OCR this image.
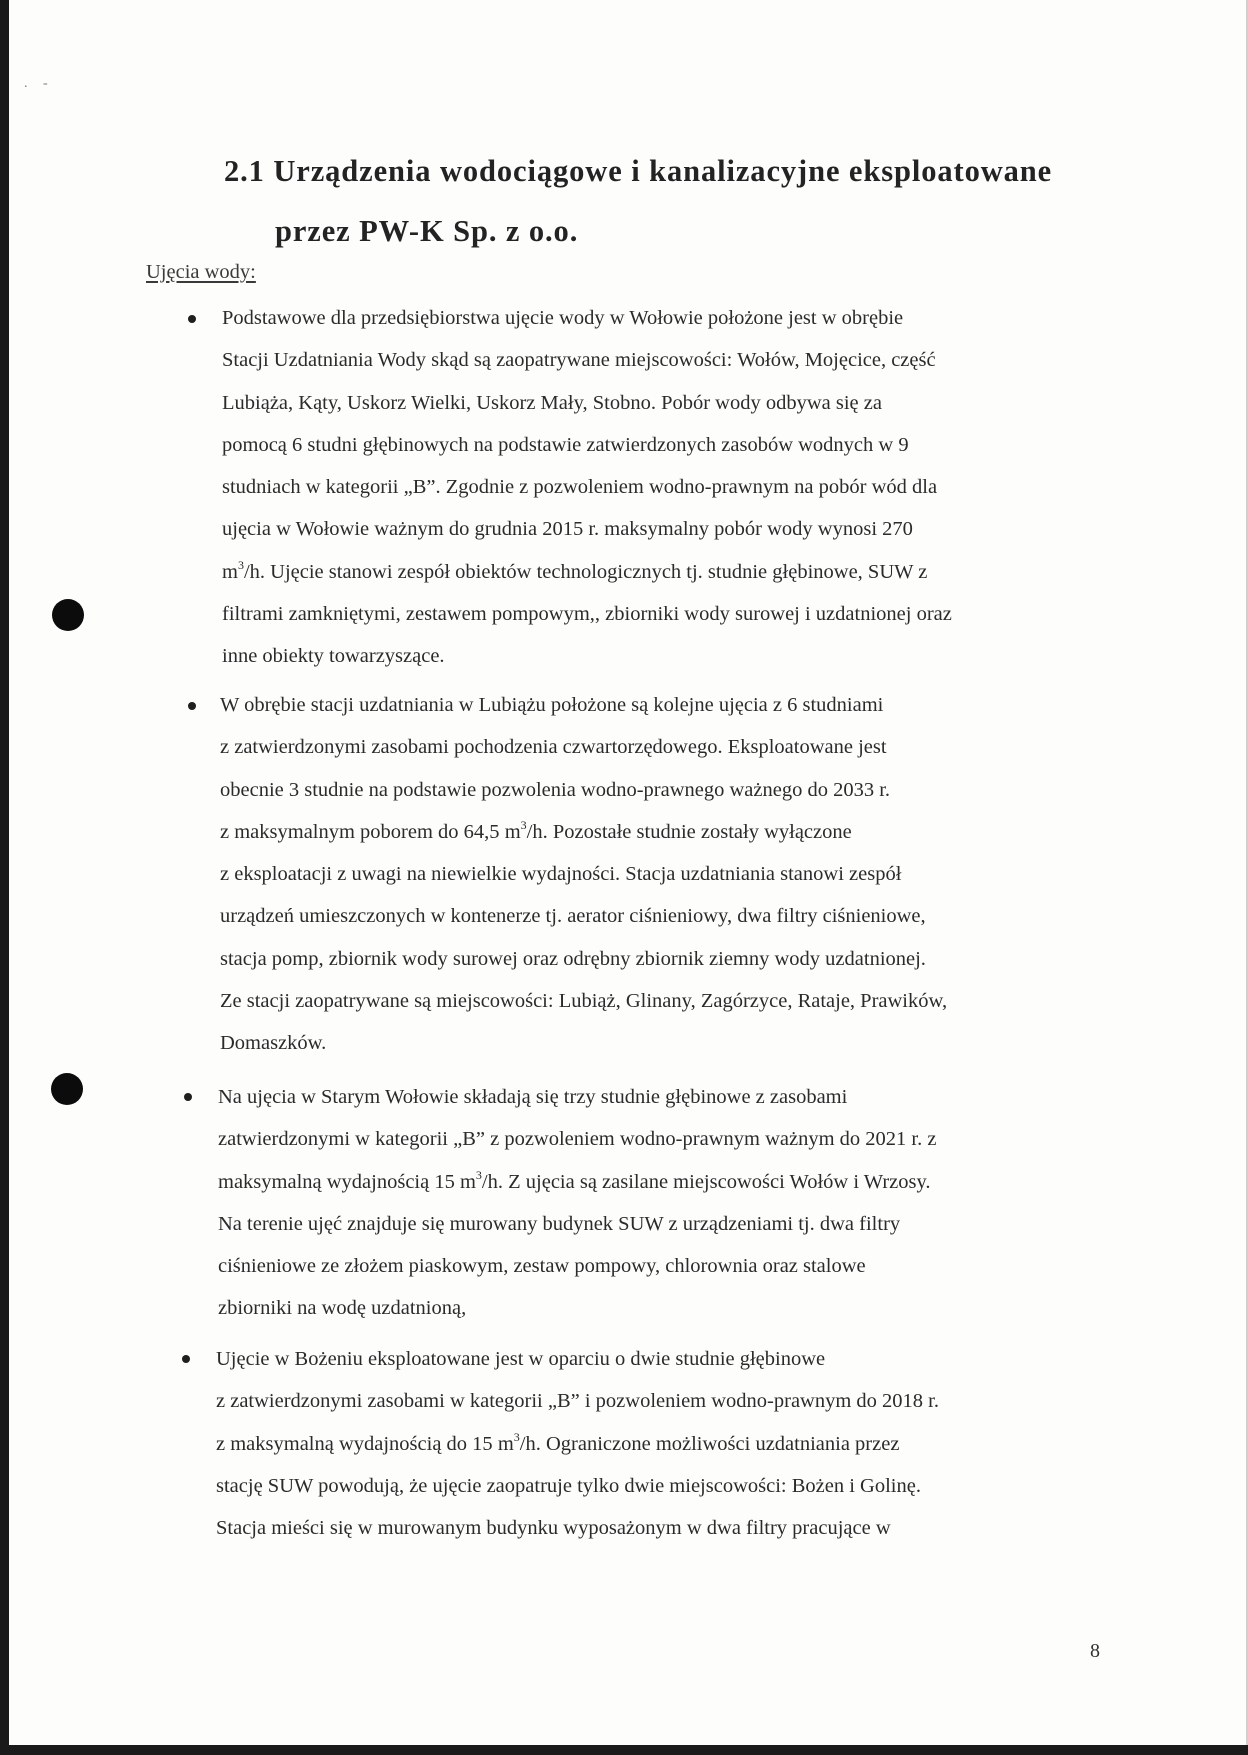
. -
2.1 Urządzenia wodociągowe i kanalizacyjne eksploatowane
przez PW-K Sp. z o.o.

Ujęcia wody:

Podstawowe dla przedsiębiorstwa ujęcie wody w Wołowie położone jest w obrębie
Stacji Uzdatniania Wody skąd są zaopatrywane miejscowości: Wołów, Mojęcice, część
Lubiąża, Kąty, Uskorz Wielki, Uskorz Mały, Stobno. Pobór wody odbywa się za
pomocą 6 studni głębinowych na podstawie zatwierdzonych zasobów wodnych w 9
studniach w kategorii „B”. Zgodnie z pozwoleniem wodno-prawnym na pobór wód dla
ujęcia w Wołowie ważnym do grudnia 2015 r. maksymalny pobór wody wynosi 270
$m^3/h$. Ujęcie stanowi zespół obiektów technologicznych tj. studnie głębinowe, SUW z
filtrami zamkniętymi, zestawem pompowym,, zbiorniki wody surowej i uzdatnionej oraz
inne obiekty towarzyszące.
W obrębie stacji uzdatniania w Lubiążu położone są kolejne ujęcia z 6 studniami
z zatwierdzonymi zasobami pochodzenia czwartorzędowego. Eksploatowane jest
obecnie 3 studnie na podstawie pozwolenia wodno-prawnego ważnego do 2033 r.
z maksymalnym poborem do 64,5 $m^3/h$. Pozostałe studnie zostały wyłączone
z eksploatacji z uwagi na niewielkie wydajności. Stacja uzdatniania stanowi zespół
urządzeń umieszczonych w kontenerze tj. aerator ciśnieniowy, dwa filtry ciśnieniowe,
stacja pomp, zbiornik wody surowej oraz odrębny zbiornik ziemny wody uzdatnionej.
Ze stacji zaopatrywane są miejscowości: Lubiąż, Glinany, Zagórzyce, Rataje, Prawików,
Domaszków.
Na ujęcia w Starym Wołowie składają się trzy studnie głębinowe z zasobami
zatwierdzonymi w kategorii „B” z pozwoleniem wodno-prawnym ważnym do 2021 r. z
maksymalną wydajnością 15 $m^3/h$. Z ujęcia są zasilane miejscowości Wołów i Wrzosy.
Na terenie ujęć znajduje się murowany budynek SUW z urządzeniami tj. dwa filtry
ciśnieniowe ze złożem piaskowym, zestaw pompowy, chlorownia oraz stalowe
zbiorniki na wodę uzdatnioną,
Ujęcie w Bożeniu eksploatowane jest w oparciu o dwie studnie głębinowe
z zatwierdzonymi zasobami w kategorii „B” i pozwoleniem wodno-prawnym do 2018 r.
z maksymalną wydajnością do 15 $m^3/h$. Ograniczone możliwości uzdatniania przez
stację SUW powodują, że ujęcie zaopatruje tylko dwie miejscowości: Bożen i Golinę.
Stacja mieści się w murowanym budynku wyposażonym w dwa filtry pracujące w
8
